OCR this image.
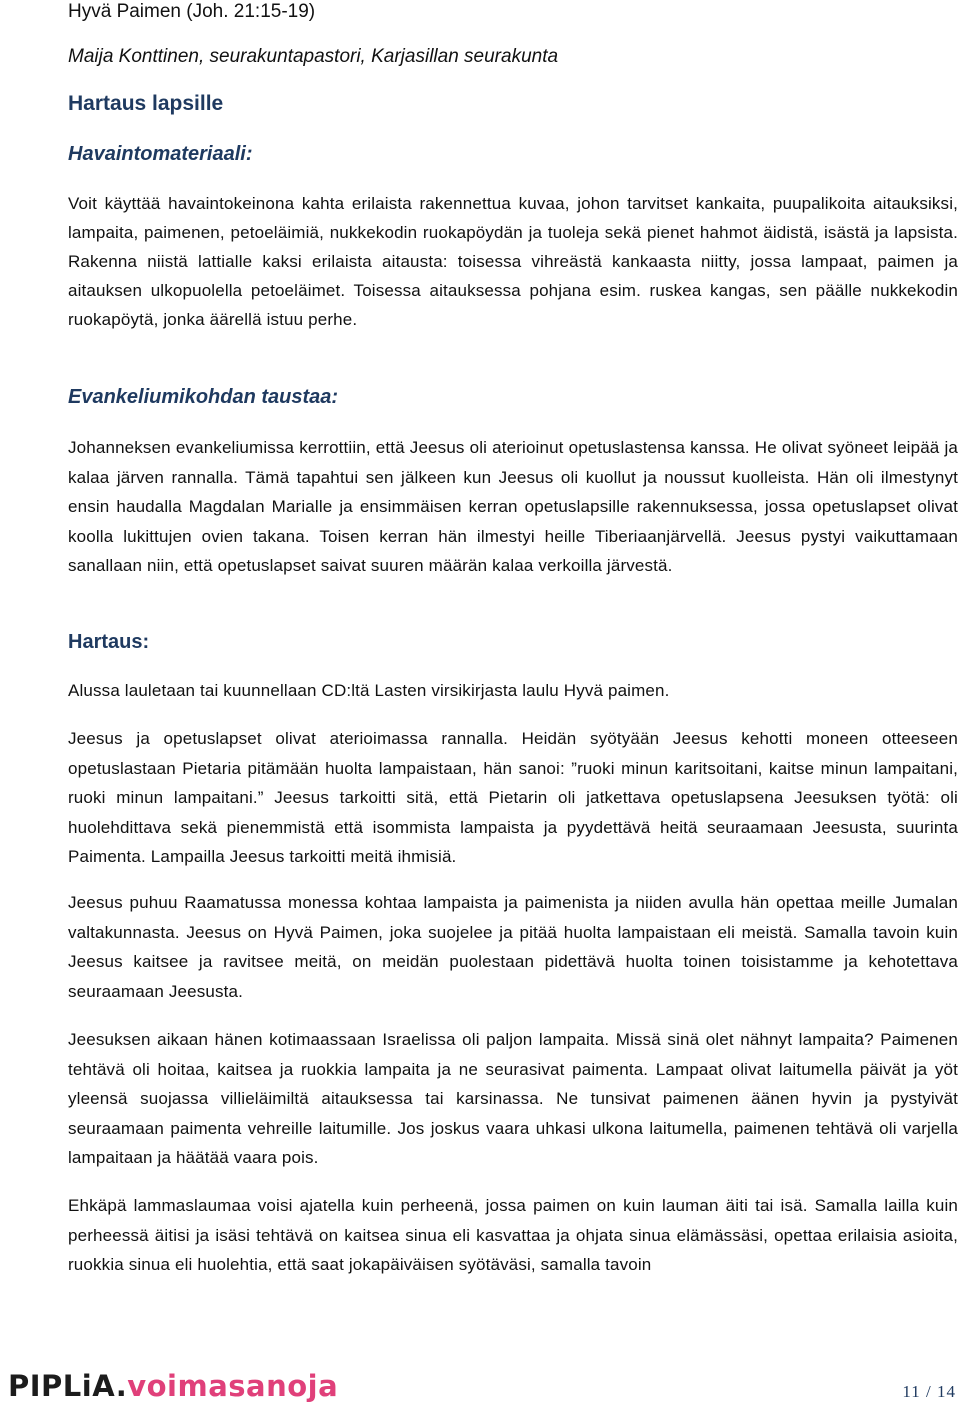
Hyvä Paimen (Joh. 21:15-19)

Maija Konttinen, seurakuntapastori, Karjasillan seurakunta

Hartaus lapsille
Havaintomateriaali:

Voit käyttää havaintokeinona kahta erilaista rakennettua kuvaa, johon tarvitset kankaita, puupalikoita aitauksiksi, lampaita, paimenen, petoeläimiä, nukkekodin ruokapöydän ja tuoleja sekä pienet hahmot äidistä, isästä ja lapsista. Rakenna niistä lattialle kaksi erilaista aitausta: toisessa vihreästä kankaasta niitty, jossa lampaat, paimen ja aitauksen ulkopuolella petoeläimet. Toisessa aitauksessa pohjana esim. ruskea kangas, sen päälle nukkekodin ruokapöytä, jonka äärellä istuu perhe.

Evankeliumikohdan taustaa:

Johanneksen evankeliumissa kerrottiin, että Jeesus oli aterioinut opetuslastensa kanssa. He olivat syöneet leipää ja kalaa järven rannalla. Tämä tapahtui sen jälkeen kun Jeesus oli kuollut ja noussut kuolleista. Hän oli ilmestynyt ensin haudalla Magdalan Marialle ja ensimmäisen kerran opetuslapsille rakennuksessa, jossa opetuslapset olivat koolla lukittujen ovien takana. Toisen kerran hän ilmestyi heille Tiberiaanjärvellä. Jeesus pystyi vaikuttamaan sanallaan niin, että opetuslapset saivat suuren määrän kalaa verkoilla järvestä.

Hartaus:

Alussa lauletaan tai kuunnellaan CD:ltä Lasten virsikirjasta laulu Hyvä paimen.

Jeesus ja opetuslapset olivat aterioimassa rannalla. Heidän syötyään Jeesus kehotti moneen otteeseen opetuslastaan Pietaria pitämään huolta lampaistaan, hän sanoi: ”ruoki minun karitsoitani, kaitse minun lampaitani, ruoki minun lampaitani.” Jeesus tarkoitti sitä, että Pietarin oli jatkettava opetuslapsena Jeesuksen työtä: oli huolehdittava sekä pienemmistä että isommista lampaista ja pyydettävä heitä seuraamaan Jeesusta, suurinta Paimenta. Lampailla Jeesus tarkoitti meitä ihmisiä.

Jeesus puhuu Raamatussa monessa kohtaa lampaista ja paimenista ja niiden avulla hän opettaa meille Jumalan valtakunnasta. Jeesus on Hyvä Paimen, joka suojelee ja pitää huolta lampaistaan eli meistä. Samalla tavoin kuin Jeesus kaitsee ja ravitsee meitä, on meidän puolestaan pidettävä huolta toinen toisistamme ja kehotettava seuraamaan Jeesusta.

Jeesuksen aikaan hänen kotimaassaan Israelissa oli paljon lampaita. Missä sinä olet nähnyt lampaita? Paimenen tehtävä oli hoitaa, kaitsea ja ruokkia lampaita ja ne seurasivat paimenta. Lampaat olivat laitumella päivät ja yöt yleensä suojassa villieläimiltä aitauksessa tai karsinassa. Ne tunsivat paimenen äänen hyvin ja pystyivät seuraamaan paimenta vehreille laitumille. Jos joskus vaara uhkasi ulkona laitumella, paimenen tehtävä oli varjella lampaitaan ja häätää vaara pois.

Ehkäpä lammaslaumaa voisi ajatella kuin perheenä, jossa paimen on kuin lauman äiti tai isä. Samalla lailla kuin perheessä äitisi ja isäsi tehtävä on kaitsea sinua eli kasvattaa ja ohjata sinua elämässäsi, opettaa erilaisia asioita, ruokkia sinua eli huolehtia, että saat jokapäiväisen syötäväsi, samalla tavoin

PIPLiA.voimasanoja	11 / 14
